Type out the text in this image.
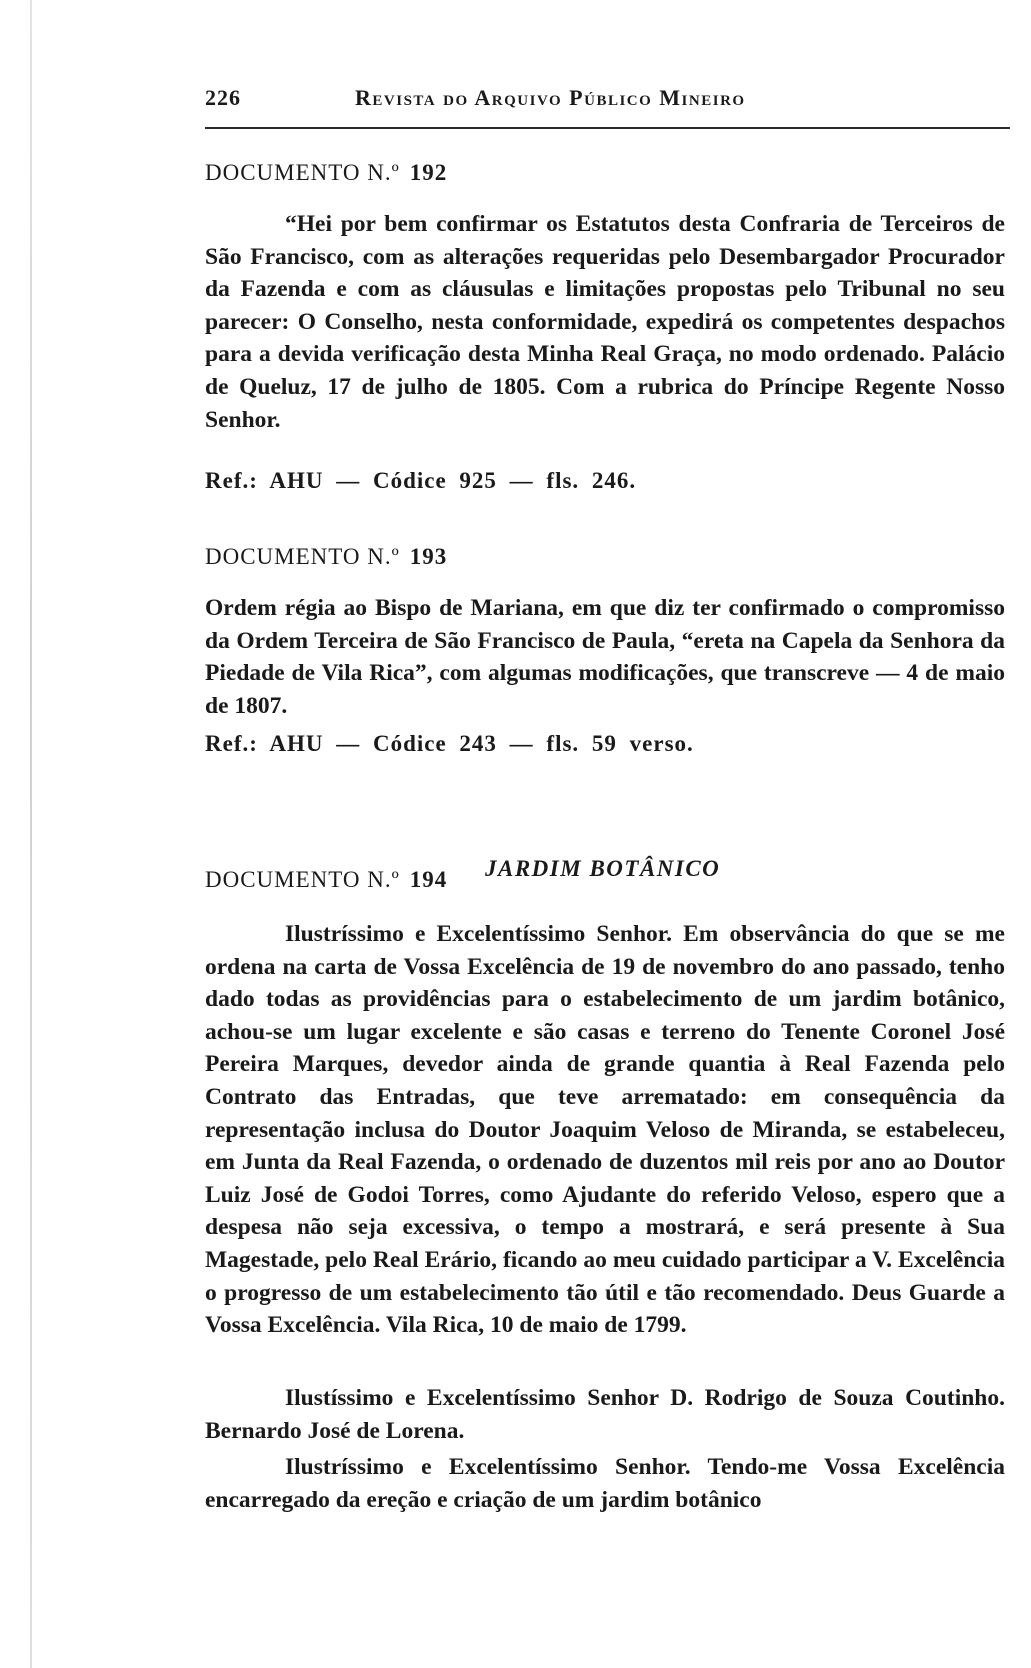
226	Revista do Arquivo Público Mineiro
DOCUMENTO N.º 192

“Hei por bem confirmar os Estatutos desta Confraria de Terceiros de São Francisco, com as alterações requeridas pelo Desembargador Procurador da Fazenda e com as cláusulas e limitações propostas pelo Tribunal no seu parecer: O Conselho, nesta conformidade, expedirá os competentes despachos para a devida verificação desta Minha Real Graça, no modo ordenado. Palácio de Queluz, 17 de julho de 1805. Com a rubrica do Príncipe Regente Nosso Senhor.

Ref.: AHU — Códice 925 — fls. 246.
DOCUMENTO N.º 193

Ordem régia ao Bispo de Mariana, em que diz ter confirmado o compromisso da Ordem Terceira de São Francisco de Paula, “ereta na Capela da Senhora da Piedade de Vila Rica”, com algumas modificações, que transcreve — 4 de maio de 1807.

Ref.: AHU — Códice 243 — fls. 59 verso.
JARDIM BOTÂNICO
DOCUMENTO N.º 194

Ilustríssimo e Excelentíssimo Senhor. Em observância do que se me ordena na carta de Vossa Excelência de 19 de novembro do ano passado, tenho dado todas as providências para o estabelecimento de um jardim botânico, achou-se um lugar excelente e são casas e terreno do Tenente Coronel José Pereira Marques, devedor ainda de grande quantia à Real Fazenda pelo Contrato das Entradas, que teve arrematado: em consequência da representação inclusa do Doutor Joaquim Veloso de Miranda, se estabeleceu, em Junta da Real Fazenda, o ordenado de duzentos mil reis por ano ao Doutor Luiz José de Godoi Torres, como Ajudante do referido Veloso, espero que a despesa não seja excessiva, o tempo a mostrará, e será presente à Sua Magestade, pelo Real Erário, ficando ao meu cuidado participar a V. Excelência o progresso de um estabelecimento tão útil e tão recomendado. Deus Guarde a Vossa Excelência. Vila Rica, 10 de maio de 1799.

Ilustíssimo e Excelentíssimo Senhor D. Rodrigo de Souza Coutinho. Bernardo José de Lorena.

Ilustríssimo e Excelentíssimo Senhor. Tendo-me Vossa Excelência encarregado da ereção e criação de um jardim botânico
